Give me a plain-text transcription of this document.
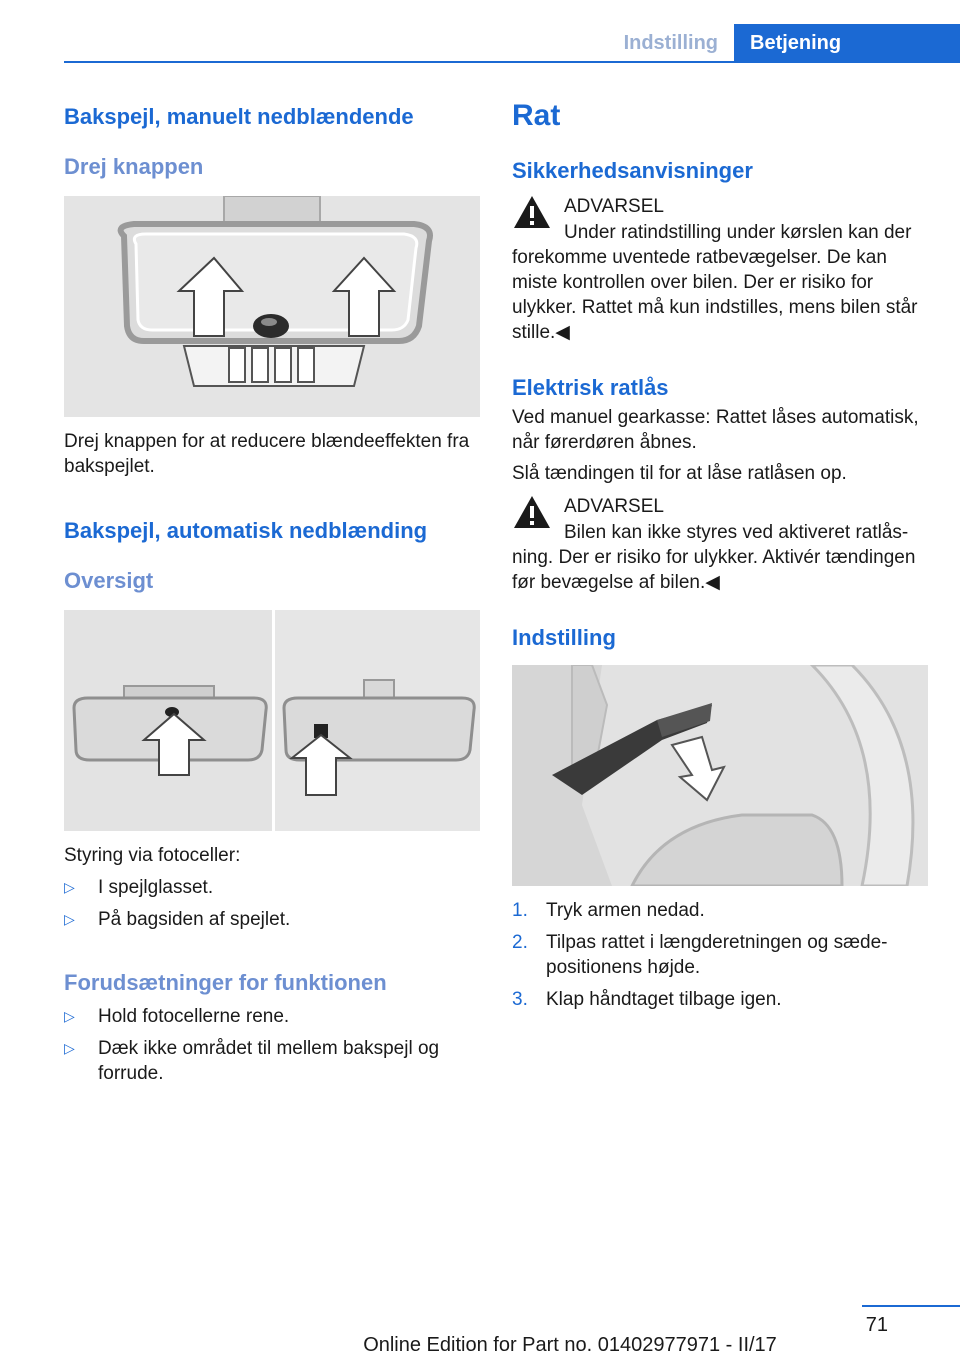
Indstilling	Betjening
Bakspejl, manuelt nedblændende
Drej knappen

Drej knappen for at reducere blændeeffekten fra bakspejlet.

Bakspejl, automatisk nedblænding
Oversigt

Styring via fotoceller:

▷	I spejlglasset.
▷	På bagsiden af spejlet.
Forudsætninger for funktionen
▷	Hold fotocellerne rene.
▷	Dæk ikke området til mellem bakspejl og forrude.
Rat
Sikkerhedsanvisninger
ADVARSEL

Under ratindstilling under kørslen kan der forekomme uventede ratbevægelser. De kan miste kontrollen over bilen. Der er risiko for ulykker. Rattet må kun indstilles, mens bilen står stille.◀

Elektrisk ratlås

Ved manuel gearkasse: Rattet låses automatisk, når førerdøren åbnes.

Slå tændingen til for at låse ratlåsen op.

ADVARSEL

Bilen kan ikke styres ved aktiveret ratlåsning. Der er risiko for ulykker. Aktivér tændingen før bevægelse af bilen.◀

Indstilling
1. Tryk armen nedad.
2. Tilpas rattet i længderetningen og sædepositionens højde.
3. Klap håndtaget tilbage igen.
71
Online Edition for Part no. 01402977971 - II/17
